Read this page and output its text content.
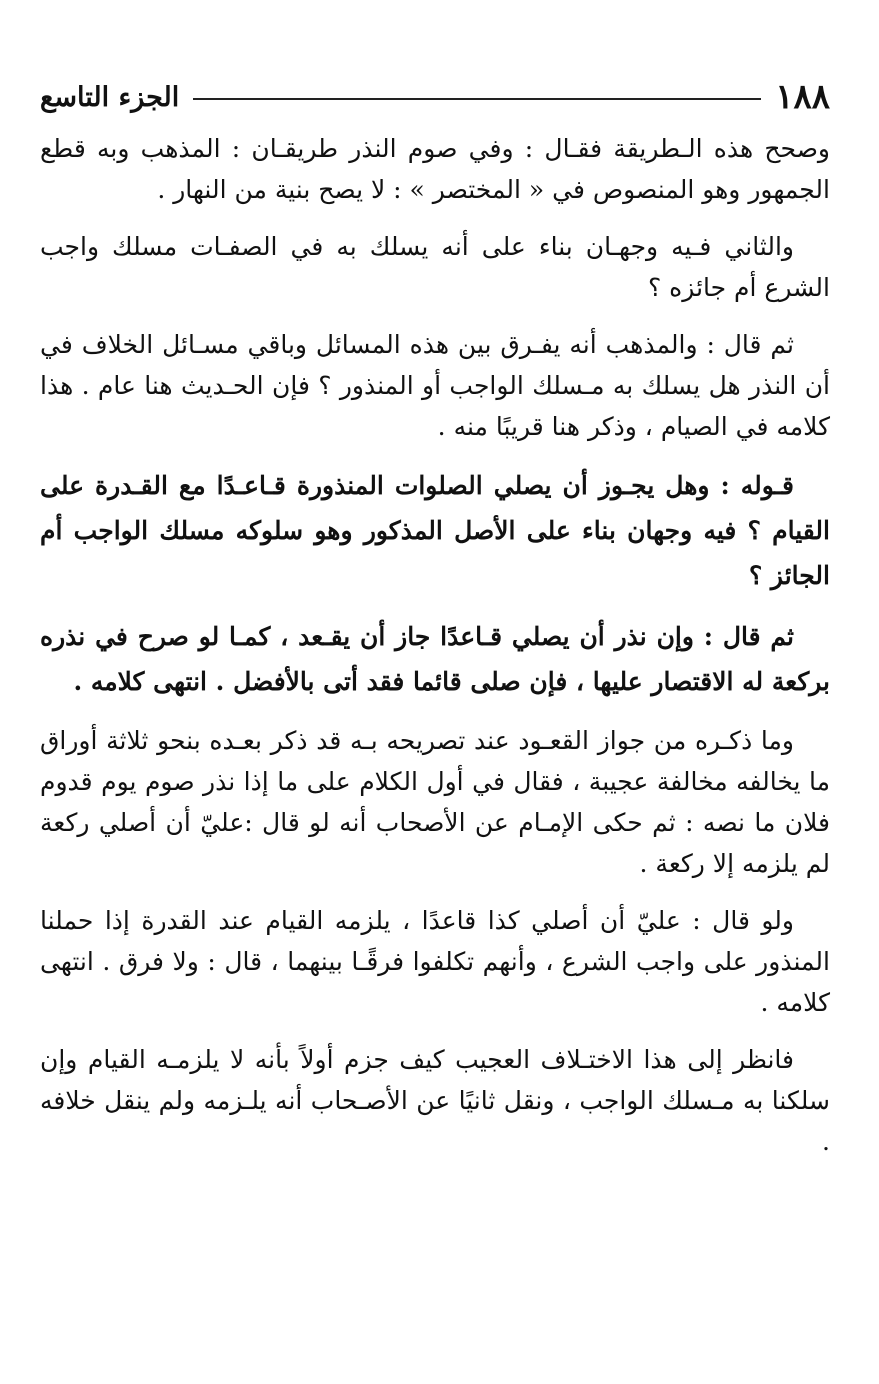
١٨٨
الجزء التاسع

وصحح هذه الـطريقة فقـال : وفي صوم النذر طريقـان : المذهب وبه قطع الجمهور وهو المنصوص في « المختصر » : لا يصح بنية من النهار .

والثاني فـيه وجهـان بناء على أنه يسلك به في الصفـات مسلك واجب الشرع أم جائزه ؟

ثم قال : والمذهب أنه يفـرق بين هذه المسائل وباقي مسـائل الخلاف في أن النذر هل يسلك به مـسلك الواجب أو المنذور ؟ فإن الحـديث هنا عام . هذا كلامه في الصيام ، وذكر هنا قريبًا منه .

قـوله : وهل يجـوز أن يصلي الصلوات المنذورة قـاعـدًا مع القـدرة على القيام ؟ فيه وجهان بناء على الأصل المذكور وهو سلوكه مسلك الواجب أم الجائز ؟

ثم قال : وإن نذر أن يصلي قـاعدًا جاز أن يقـعد ، كمـا لو صرح في نذره بركعة له الاقتصار عليها ، فإن صلى قائما فقد أتى بالأفضل . انتهى كلامه .

وما ذكـره من جواز القعـود عند تصريحه بـه قد ذكر بعـده بنحو ثلاثة أوراق ما يخالفه مخالفة عجيبة ، فقال في أول الكلام على ما إذا نذر صوم يوم قدوم فلان ما نصه : ثم حكى الإمـام عن الأصحاب أنه لو قال :عليّ أن أصلي ركعة لم يلزمه إلا ركعة .

ولو قال : عليّ أن أصلي كذا قاعدًا ، يلزمه القيام عند القدرة إذا حملنا المنذور على واجب الشرع ، وأنهم تكلفوا فرقًـا بينهما ، قال : ولا فرق . انتهى كلامه .

فانظر إلى هذا الاختـلاف العجيب كيف جزم أولاً بأنه لا يلزمـه القيام وإن سلكنا به مـسلك الواجب ، ونقل ثانيًا عن الأصـحاب أنه يلـزمه ولم ينقل خلافه .
